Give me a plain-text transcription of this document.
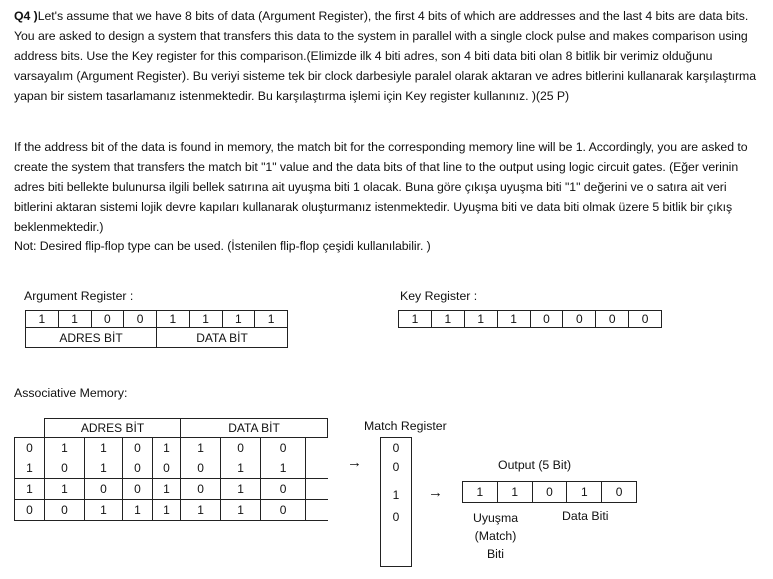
Q4 )Let's assume that we have 8 bits of data (Argument Register), the first 4 bits of which are addresses and the last 4 bits are data bits. You are asked to design a system that transfers this data to the system in parallel with a single clock pulse and makes comparison using address bits. Use the Key register for this comparison.(Elimizde ilk 4 biti adres, son 4 biti data biti olan 8 bitlik bir verimiz olduğunu varsayalım (Argument Register). Bu veriyi sisteme tek bir clock darbesiyle paralel olarak aktaran ve adres bitlerini kullanarak karşılaştırma yapan bir sistem tasarlamanız istenmektedir. Bu karşılaştırma işlemi için Key register kullanınız. )(25 P)

If the address bit of the data is found in memory, the match bit for the corresponding memory line will be 1. Accordingly, you are asked to create the system that transfers the match bit "1" value and the data bits of that line to the output using logic circuit gates. (Eğer verinin adres biti bellekte bulunursa ilgili bellek satırına ait uyuşma biti 1 olacak. Buna göre çıkışa uyuşma biti "1" değerini ve o satıra ait veri bitlerini aktaran sistemi lojik devre kapıları kullanarak oluşturmanız istenmektedir. Uyuşma biti ve data biti olmak üzere 5 bitlik bir çıkış beklenmektedir.)

Not: Desired flip-flop type can be used. (İstenilen flip-flop çeşidi kullanılabilir. )

Argument Register :
1	1	0	0	1	1	1	1
ADRES BİT				DATA BİT			
Key Register :
1	1	1	1	0	0	0	0
Associative Memory:
	ADRES BİT				DATA BİT			
0	1	1	0	1	1	0	0	
1	0	1	0	0	0	1	1	
1	1	0	0	1	0	1	0	
0	0	1	1	1	1	1	0	
Match Register
0
0
1
0
→
→
Output (5 Bit)
1	1	0	1	0
Uyuşma
(Match)
Biti
Data Biti
